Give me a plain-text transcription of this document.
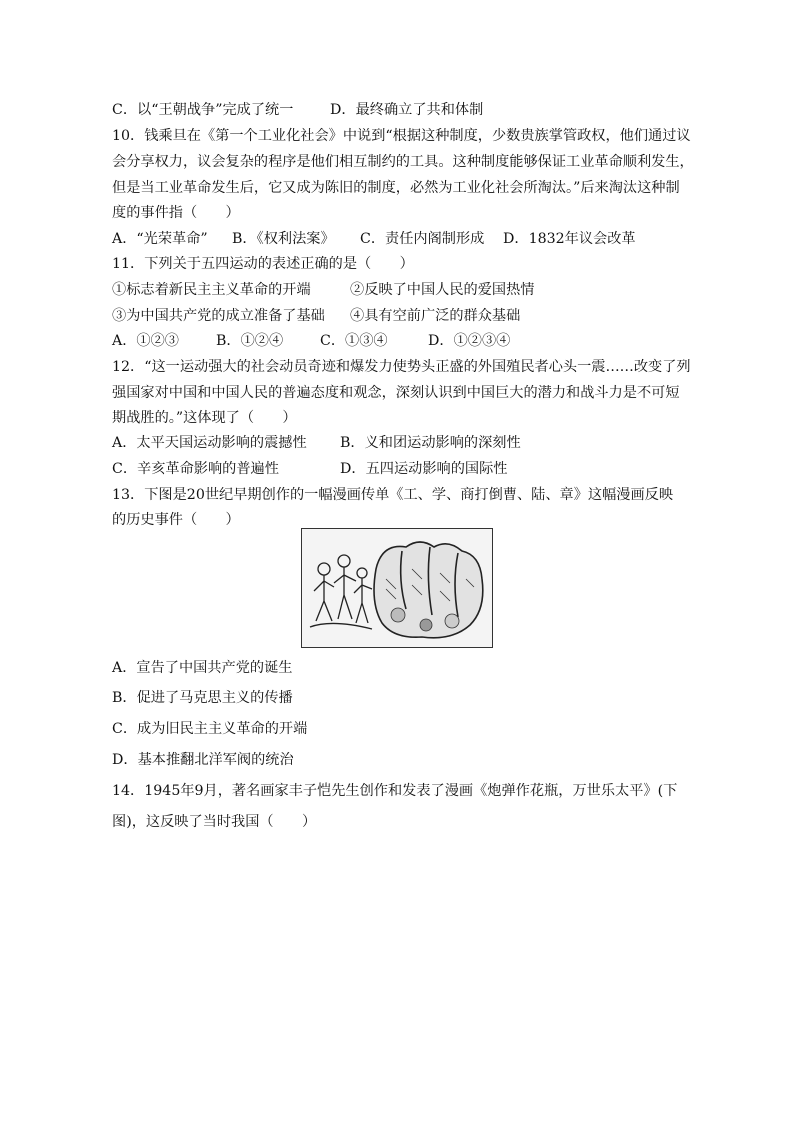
C．以“王朝战争”完成了统一	D．最终确立了共和体制
10．钱乘旦在《第一个工业化社会》中说到“根据这种制度，少数贵族掌管政权，他们通过议
会分享权力，议会复杂的程序是他们相互制约的工具。这种制度能够保证工业革命顺利发生，
但是当工业革命发生后，它又成为陈旧的制度，必然为工业化社会所淘汰。”后来淘汰这种制
度的事件指（　　）
A．“光荣革命” B．《权利法案》 C．责任内阁制形成 D．1832年议会改革
11．下列关于五四运动的表述正确的是（　　）
①标志着新民主主义革命的开端	②反映了中国人民的爱国热情
③为中国共产党的成立准备了基础 ④具有空前广泛的群众基础
A．①②③	B．①②④	C．①③④	D．①②③④
12．“这一运动强大的社会动员奇迹和爆发力使势头正盛的外国殖民者心头一震……改变了列
强国家对中国和中国人民的普遍态度和观念，深刻认识到中国巨大的潜力和战斗力是不可短
期战胜的。”这体现了（　　）
A．太平天国运动影响的震撼性 B．义和团运动影响的深刻性
C．辛亥革命影响的普遍性	D．五四运动影响的国际性
13．下图是20世纪早期创作的一幅漫画传单《工、学、商打倒曹、陆、章》这幅漫画反映
的历史事件（　　）
A．宣告了中国共产党的诞生
B．促进了马克思主义的传播
C．成为旧民主主义革命的开端
D．基本推翻北洋军阀的统治
14．1945年9月，著名画家丰子恺先生创作和发表了漫画《炮弹作花瓶，万世乐太平》(下
图)，这反映了当时我国（　　）
